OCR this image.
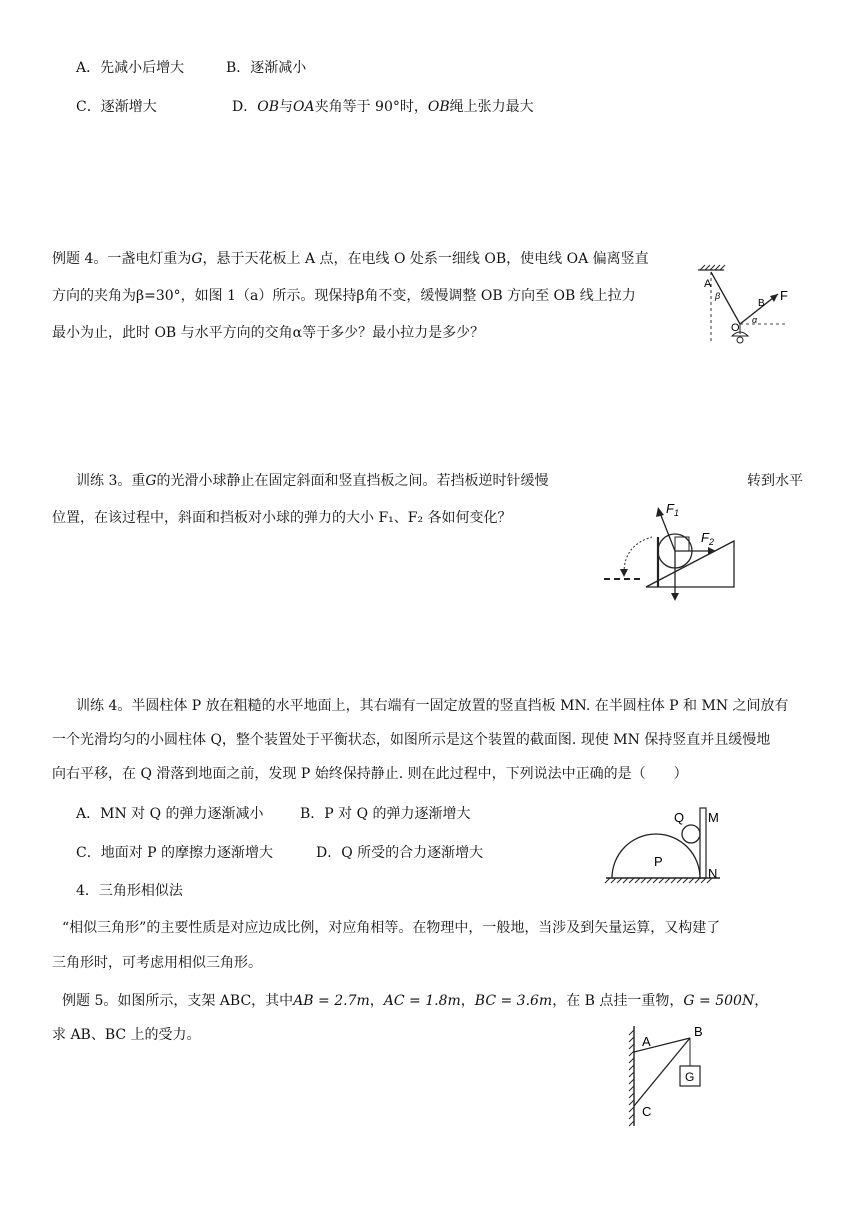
A．先减小后增大	B．逐渐减小
C．逐渐增大	D．OB与OA夹角等于 90°时，OB绳上张力最大
例题 4。一盏电灯重为G，悬于天花板上 A 点，在电线 O 处系一细线 OB，使电线 OA 偏离竖直
方向的夹角为β=30°，如图 1（a）所示。现保持β角不变，缓慢调整 OB 方向至 OB 线上拉力
最小为止，此时 OB 与水平方向的交角α等于多少？最小拉力是多少？
A
β
B
F
O
α
训练 3。重G的光滑小球静止在固定斜面和竖直挡板之间。若挡板逆时针缓慢	转到水平
位置，在该过程中，斜面和挡板对小球的弹力的大小 F₁、F₂ 各如何变化？
$F_1$
$F_2$
训练 4。半圆柱体 P 放在粗糙的水平地面上，其右端有一固定放置的竖直挡板 MN. 在半圆柱体 P 和 MN 之间放有
一个光滑均匀的小圆柱体 Q，整个装置处于平衡状态，如图所示是这个装置的截面图. 现使 MN 保持竖直并且缓慢地
向右平移，在 Q 滑落到地面之前，发现 P 始终保持静止. 则在此过程中，下列说法中正确的是（　　）
A．MN 对 Q 的弹力逐渐减小	B．P 对 Q 的弹力逐渐增大
C．地面对 P 的摩擦力逐渐增大	D．Q 所受的合力逐渐增大
P
Q M
N
4．三角形相似法
“相似三角形”的主要性质是对应边成比例，对应角相等。在物理中，一般地，当涉及到矢量运算，又构建了
三角形时，可考虑用相似三角形。
例题 5。如图所示，支架 ABC，其中AB = 2.7m，AC = 1.8m，BC = 3.6m，在 B 点挂一重物，G = 500N，
求 AB、BC 上的受力。	A
B
C
G
